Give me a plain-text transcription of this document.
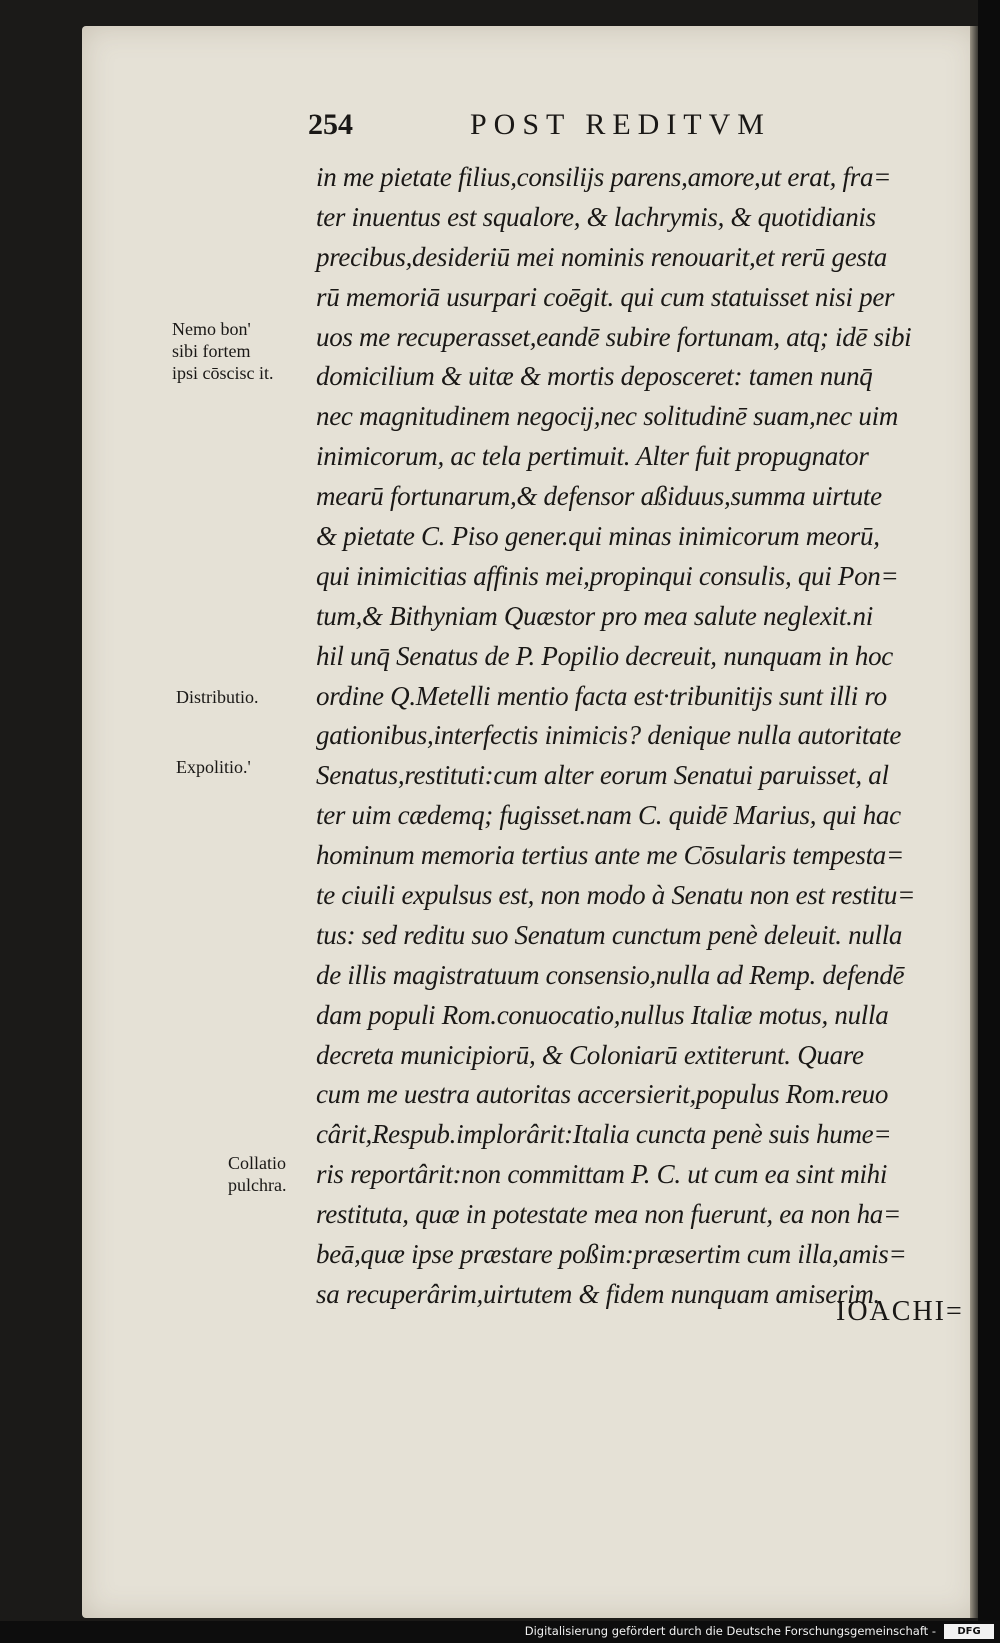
254	POST REDITVM
in me pietate filius,consilijs parens,amore,ut erat, fra=
ter inuentus est squalore, & lachrymis, & quotidianis
precibus,desideriū mei nominis renouarit,et rerū gesta
rū memoriā usurpari coēgit. qui cum statuisset nisi per
uos me recuperasset,eandē subire fortunam, atq; idē sibi
domicilium & uitæ & mortis deposceret: tamen nunq̄
nec magnitudinem negocij,nec solitudinē suam,nec uim
inimicorum, ac tela pertimuit. Alter fuit propugnator
mearū fortunarum,& defensor aßiduus,summa uirtute
& pietate C. Piso gener.qui minas inimicorum meorū,
qui inimicitias affinis mei,propinqui consulis, qui Pon=
tum,& Bithyniam Quæstor pro mea salute neglexit.ni
hil unq̄ Senatus de P. Popilio decreuit, nunquam in hoc
ordine Q.Metelli mentio facta est·tribunitijs sunt illi ro
gationibus,interfectis inimicis? denique nulla autoritate
Senatus,restituti:cum alter eorum Senatui paruisset, al
ter uim cædemq; fugisset.nam C. quidē Marius, qui hac
hominum memoria tertius ante me Cōsularis tempesta=
te ciuili expulsus est, non modo à Senatu non est restitu=
tus: sed reditu suo Senatum cunctum penè deleuit. nulla
de illis magistratuum consensio,nulla ad Remp. defendē
dam populi Rom.conuocatio,nullus Italiæ motus, nulla
decreta municipiorū, & Coloniarū extiterunt. Quare
cum me uestra autoritas accersierit,populus Rom.reuo
cârit,Respub.implorârit:Italia cuncta penè suis hume=
ris reportârit:non committam P. C. ut cum ea sint mihi
restituta, quæ in potestate mea non fuerunt, ea non ha=
beā,quæ ipse præstare poßim:præsertim cum illa,amis=
sa recuperârim,uirtutem & fidem nunquam amiserim.
Nemo bon'
sibi fortem
ipsi cōscisc it.
Distributio.
Expolitio.'
Collatio
pulchra.
IOACHI=
Digitalisierung gefördert durch die Deutsche Forschungsgemeinschaft -	DFG
